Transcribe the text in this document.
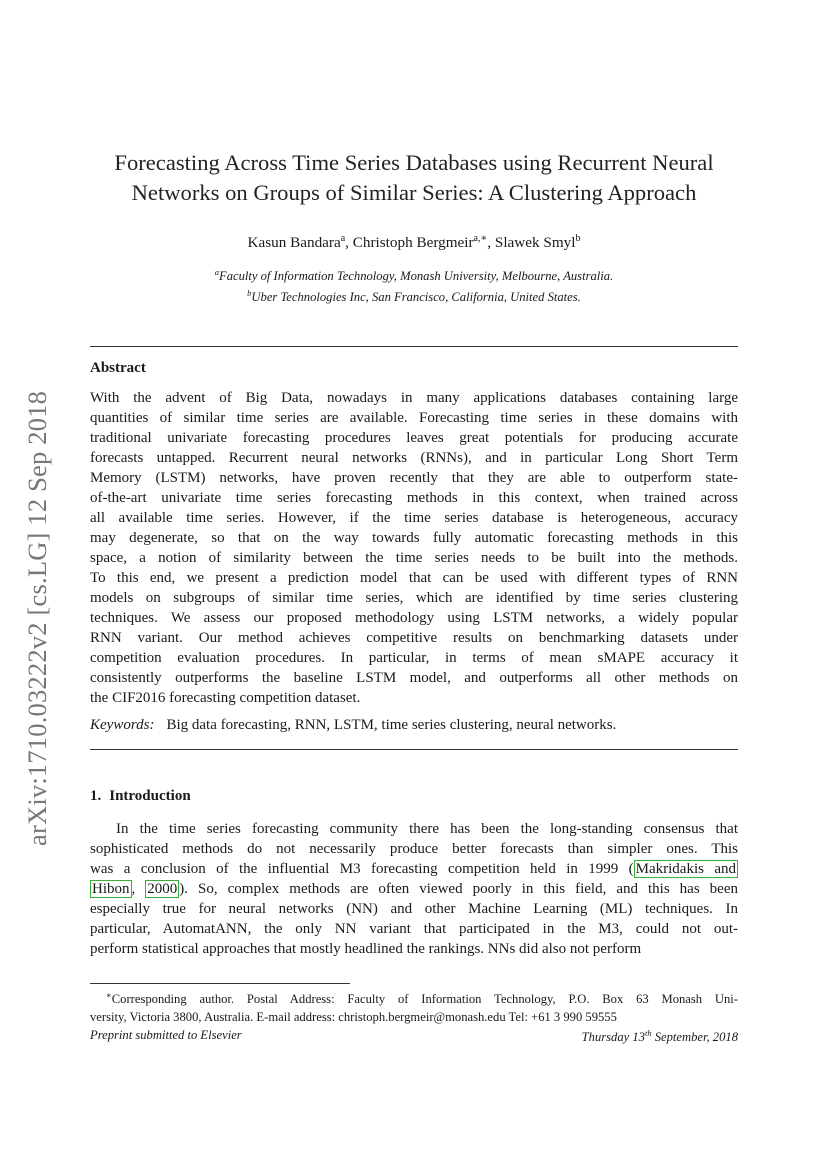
arXiv:1710.03222v2 [cs.LG] 12 Sep 2018
Forecasting Across Time Series Databases using Recurrent Neural
Networks on Groups of Similar Series: A Clustering Approach
Kasun Bandara$^a$, Christoph Bergmeir$^{a,∗}$, Slawek Smyl$^b$
$^a$Faculty of Information Technology, Monash University, Melbourne, Australia.
$^b$Uber Technologies Inc, San Francisco, California, United States.
Abstract
With the advent of Big Data, nowadays in many applications databases containing large
quantities of similar time series are available. Forecasting time series in these domains with
traditional univariate forecasting procedures leaves great potentials for producing accurate
forecasts untapped. Recurrent neural networks (RNNs), and in particular Long Short Term
Memory (LSTM) networks, have proven recently that they are able to outperform state-
of-the-art univariate time series forecasting methods in this context, when trained across
all available time series. However, if the time series database is heterogeneous, accuracy
may degenerate, so that on the way towards fully automatic forecasting methods in this
space, a notion of similarity between the time series needs to be built into the methods.
To this end, we present a prediction model that can be used with different types of RNN
models on subgroups of similar time series, which are identified by time series clustering
techniques. We assess our proposed methodology using LSTM networks, a widely popular
RNN variant. Our method achieves competitive results on benchmarking datasets under
competition evaluation procedures. In particular, in terms of mean sMAPE accuracy it
consistently outperforms the baseline LSTM model, and outperforms all other methods on
the CIF2016 forecasting competition dataset.
Keywords: Big data forecasting, RNN, LSTM, time series clustering, neural networks.
1. Introduction
In the time series forecasting community there has been the long-standing consensus that
sophisticated methods do not necessarily produce better forecasts than simpler ones. This
was a conclusion of the influential M3 forecasting competition held in 1999 ( Makridakis and
Hibon , 2000 ). So, complex methods are often viewed poorly in this field, and this has been
especially true for neural networks (NN) and other Machine Learning (ML) techniques. In
particular, AutomatANN, the only NN variant that participated in the M3, could not out-
perform statistical approaches that mostly headlined the rankings. NNs did also not perform
∗Corresponding author. Postal Address: Faculty of Information Technology, P.O. Box 63 Monash Uni-
versity, Victoria 3800, Australia. E-mail address: christoph.bergmeir@monash.edu Tel: +61 3 990 59555
Preprint submitted to Elsevier	Thursday 13th September, 2018
